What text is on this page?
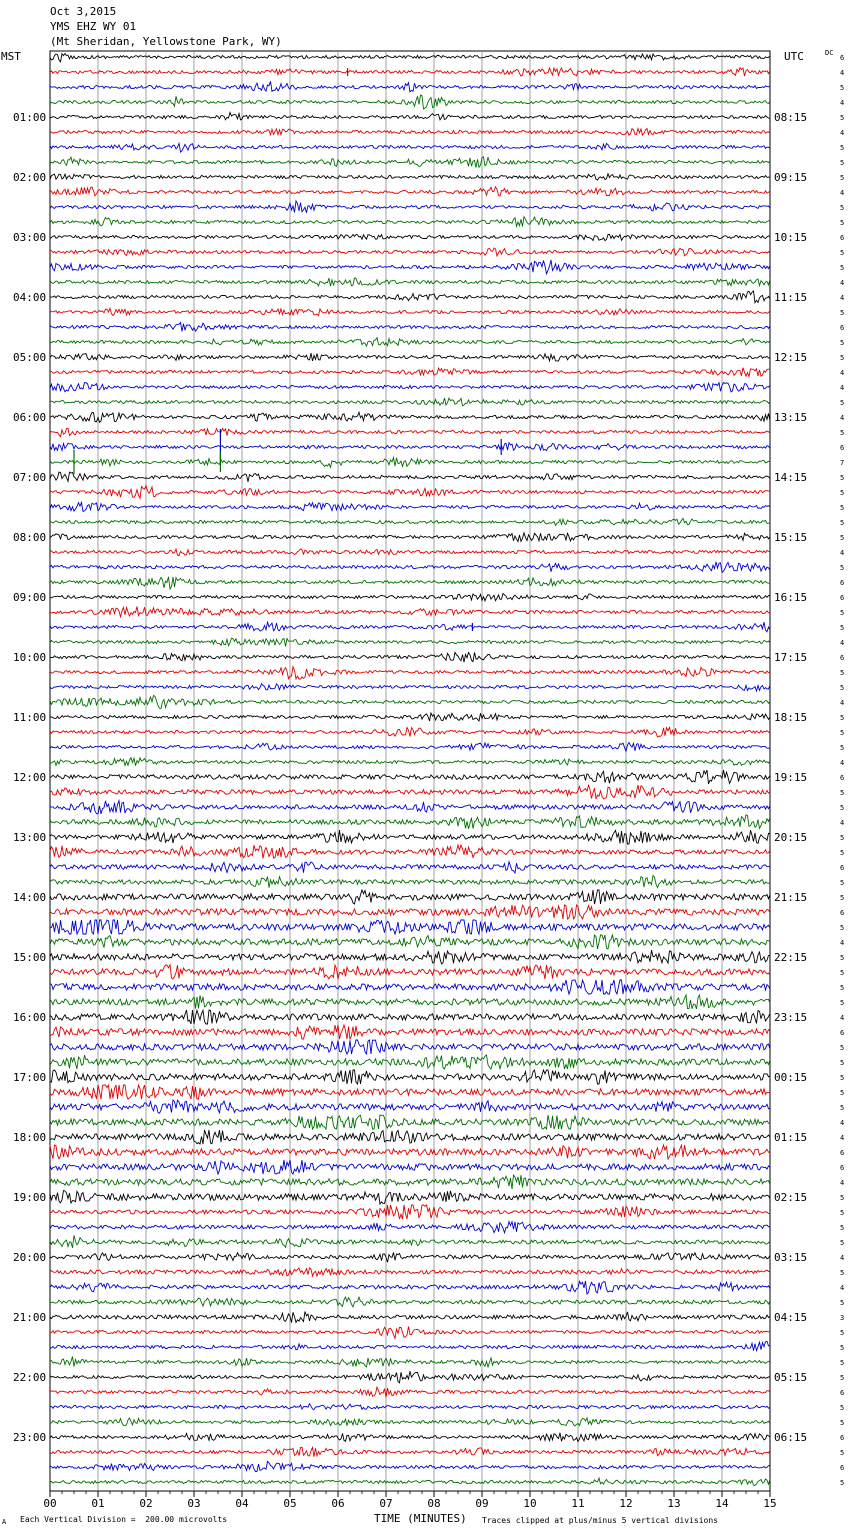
Oct 3,2015
YMS EHZ WY 01
(Mt Sheridan, Yellowstone Park, WY)
MST	UTC	DC
6
4
5
4
5
4
5
5
5
4
5
5
6
5
5
4
4
5
6
5
5
4
4
5
4
5
6
7
5
5
5
5
5
4
5
6
6
5
5
4
6
5
5
4
5
5
5
4
6
5
5
4
5
5
6
5
5
6
5
4
5
5
5
5
4
6
5
5
5
5
5
4
4
6
6
4
5
5
5
5
4
5
4
5
3
5
5
5
5
6
5
5
6
5
6
5
01:00
02:00
03:00
04:00
05:00
06:00
07:00
08:00
09:00
10:00
11:00
12:00
13:00
14:00
15:00
16:00
17:00
18:00
19:00
20:00
21:00
22:00
23:00
08:15
09:15
10:15
11:15
12:15
13:15
14:15
15:15
16:15
17:15
18:15
19:15
20:15
21:15
22:15
23:15
00:15
01:15
02:15
03:15
04:15
05:15
06:15
00	01	02	03	04	05	06	07	08	09	10	11	12	13	14	15
A Each Vertical Division =  200.00 microvolts	TIME (MINUTES) Traces clipped at plus/minus 5 vertical divisions
